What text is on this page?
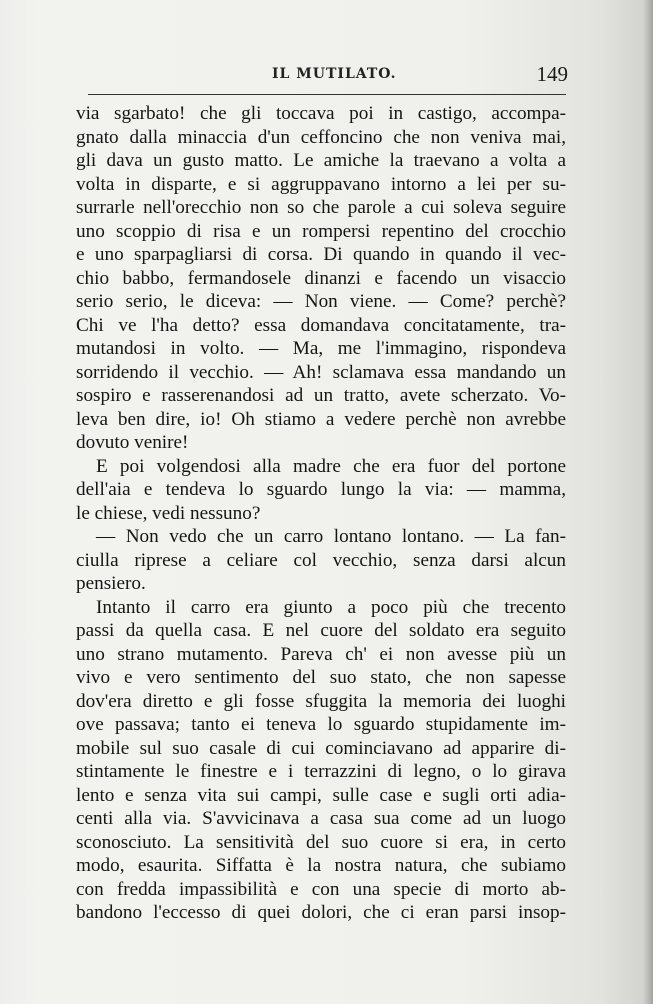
IL MUTILATO.	149
via sgarbato! che gli toccava poi in castigo, accompa-
gnato dalla minaccia d'un ceffoncino che non veniva mai,
gli dava un gusto matto. Le amiche la traevano a volta a
volta in disparte, e si aggruppavano intorno a lei per su-
surrarle nell'orecchio non so che parole a cui soleva seguire
uno scoppio di risa e un rompersi repentino del crocchio
e uno sparpagliarsi di corsa. Di quando in quando il vec-
chio babbo, fermandosele dinanzi e facendo un visaccio
serio serio, le diceva: — Non viene. — Come? perchè?
Chi ve l'ha detto? essa domandava concitatamente, tra-
mutandosi in volto. — Ma, me l'immagino, rispondeva
sorridendo il vecchio. — Ah! sclamava essa mandando un
sospiro e rasserenandosi ad un tratto, avete scherzato. Vo-
leva ben dire, io! Oh stiamo a vedere perchè non avrebbe
dovuto venire!
E poi volgendosi alla madre che era fuor del portone
dell'aia e tendeva lo sguardo lungo la via: — mamma,
le chiese, vedi nessuno?
— Non vedo che un carro lontano lontano. — La fan-
ciulla riprese a celiare col vecchio, senza darsi alcun
pensiero.
Intanto il carro era giunto a poco più che trecento
passi da quella casa. E nel cuore del soldato era seguito
uno strano mutamento. Pareva ch' ei non avesse più un
vivo e vero sentimento del suo stato, che non sapesse
dov'era diretto e gli fosse sfuggita la memoria dei luoghi
ove passava; tanto ei teneva lo sguardo stupidamente im-
mobile sul suo casale di cui cominciavano ad apparire di-
stintamente le finestre e i terrazzini di legno, o lo girava
lento e senza vita sui campi, sulle case e sugli orti adia-
centi alla via. S'avvicinava a casa sua come ad un luogo
sconosciuto. La sensitività del suo cuore si era, in certo
modo, esaurita. Siffatta è la nostra natura, che subiamo
con fredda impassibilità e con una specie di morto ab-
bandono l'eccesso di quei dolori, che ci eran parsi insop-
